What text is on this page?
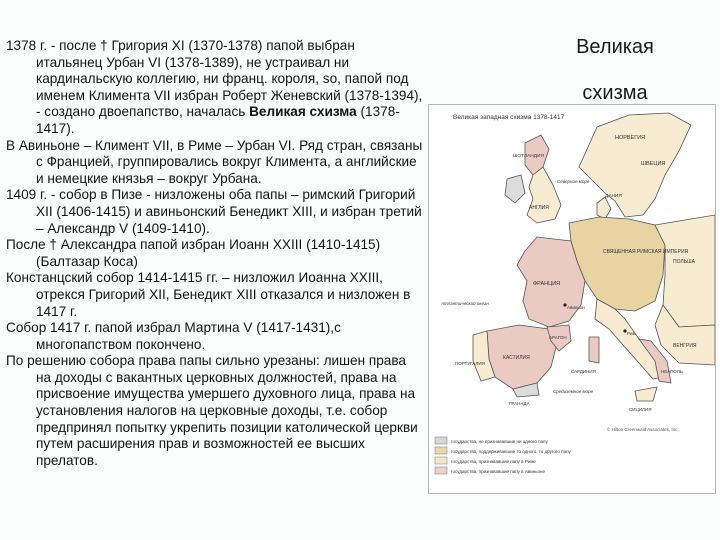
Великая
схизма

1378 г. - после † Григория XI (1370-1378) папой выбран итальянец Урбан VI (1378-1389), не устраивал ни кардинальскую коллегию, ни франц. короля, so, папой под именем Климента VII избран Роберт Женевский (1378-1394), - создано двоепапство, началась Великая схизма (1378-1417).

В Авиньоне – Климент VII, в Риме – Урбан VI. Ряд стран, связаны с Францией, группировались вокруг Климента, а английские и немецкие князья – вокруг Урбана.

1409 г. - собор в Пизе - низложены оба папы – римский Григорий XII (1406-1415) и авиньонский Бенедикт XIII, и избран третий – Александр V (1409-1410).

После † Александра папой избран Иоанн XXIII (1410-1415) (Балтазар Коса)

Констанцский собор 1414-1415 гг. – низложил Иоанна XXIII, отрекся Григорий XII, Бенедикт XIII отказался и низложен в 1417 г.

Собор 1417 г. папой избрал Мартина V (1417-1431),с многопапством покончено.

По решению собора права папы сильно урезаны: лишен права на доходы с вакантных церковных должностей, права на присвоение имущества умершего духовного лица, права на установления налогов на церковные доходы, т.е. собор предпринял попытку укрепить позиции католической церкви путем расширения прав и возможностей ее высших прелатов.

Великая западная схизма 1378-1417
НОРВЕГИЯ
ШВЕЦИЯ
ШОТЛАНДИЯ
ДАНИЯ
Северное море
АНГЛИЯ
СВЯЩЕННАЯ РИМСКАЯ ИМПЕРИЯ
ПОЛЬША
ВЕНГРИЯ
ФРАНЦИЯ
КАСТИЛИЯ
АРАГОН
ПОРТУГАЛИЯ
ГРАНАДА
САРДИНИЯ	НЕАПОЛЬ
СИЦИЛИЯ
Рим
Авиньон
Атлантический океан
Средиземное море
© Hilton Greenwald Associates, Inc.
государства, не признававшие ни одного папу
государства, поддерживавшие то одного, то другого папу
государства, признававшие папу в Риме
государства, признававшие папу в Авиньоне
